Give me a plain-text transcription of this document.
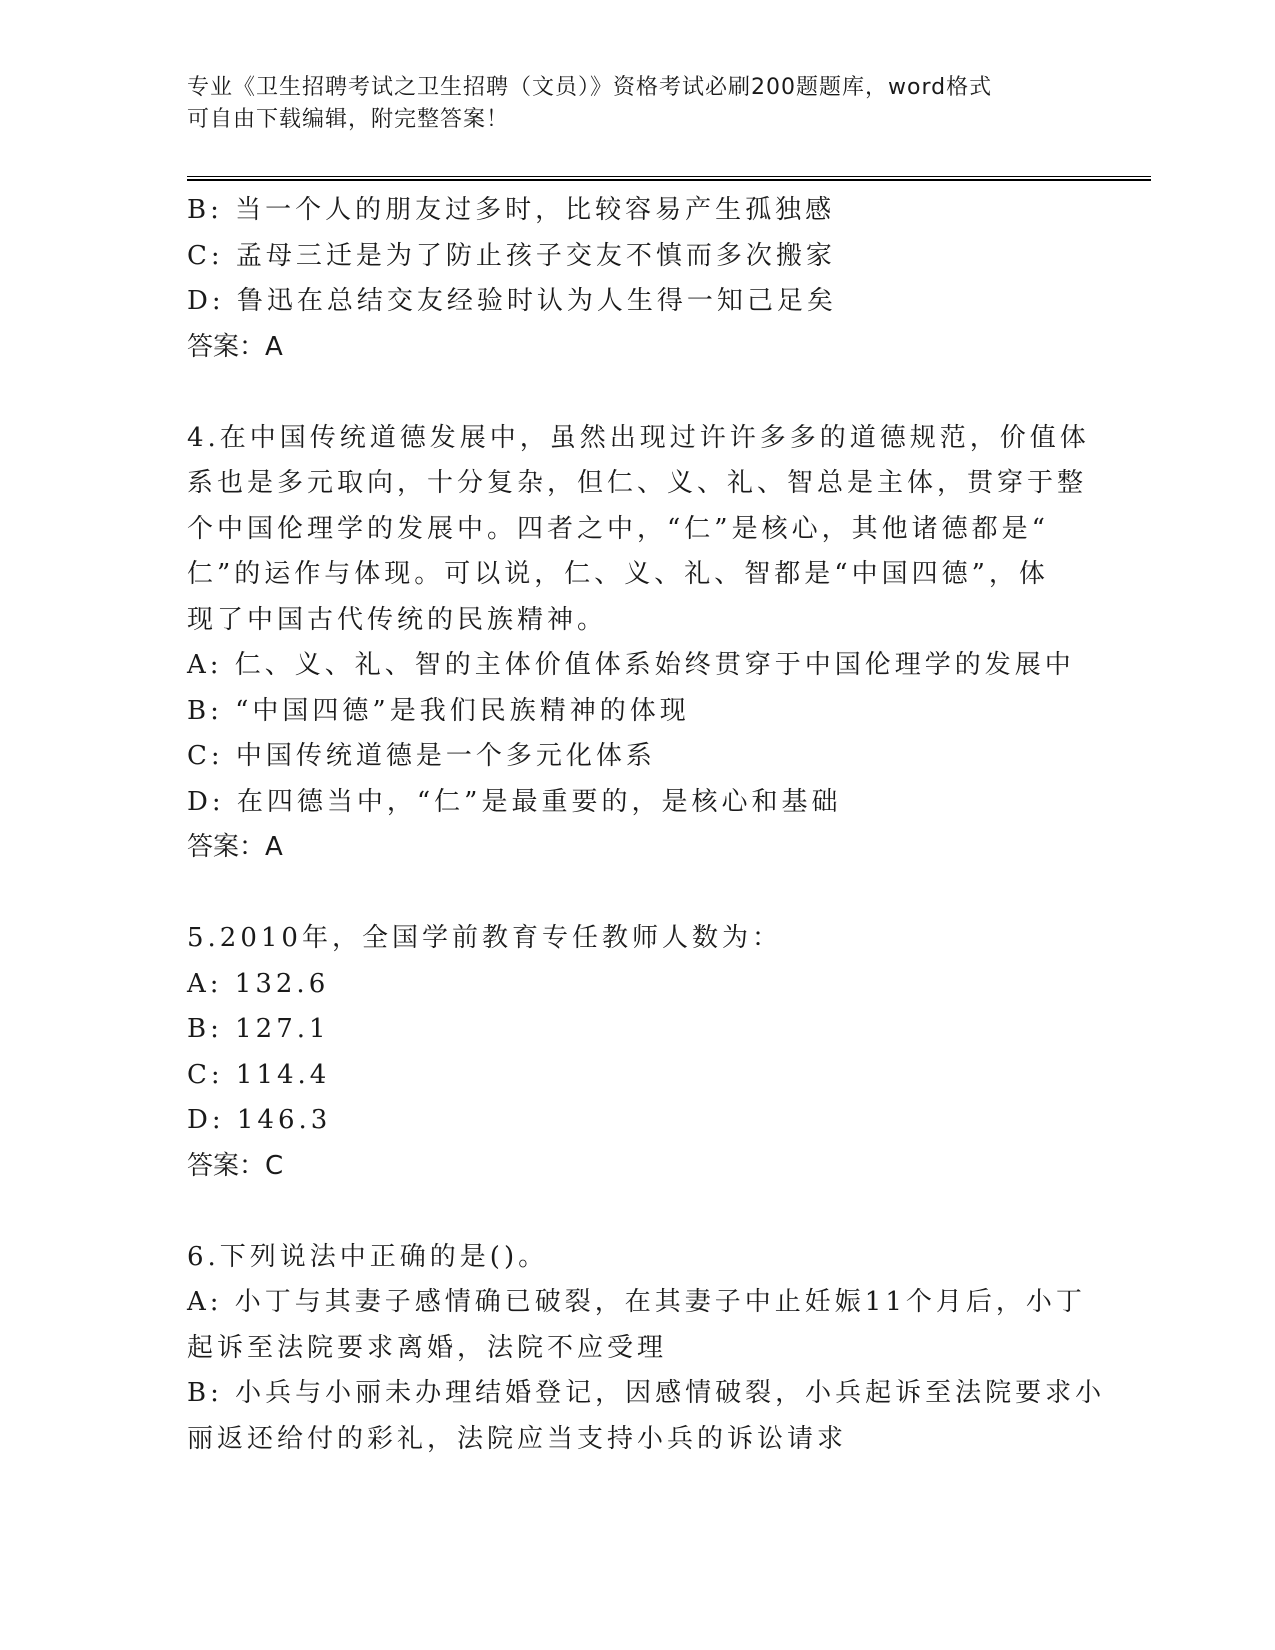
专业《卫生招聘考试之卫生招聘（文员）》资格考试必刷200题题库，word格式
可自由下载编辑，附完整答案！
B: 当一个人的朋友过多时，比较容易产生孤独感
C: 孟母三迁是为了防止孩子交友不慎而多次搬家
D: 鲁迅在总结交友经验时认为人生得一知己足矣
答案：A
4.在中国传统道德发展中，虽然出现过许许多多的道德规范，价值体
系也是多元取向，十分复杂，但仁、义、礼、智总是主体，贯穿于整
个中国伦理学的发展中。四者之中，“仁”是核心，其他诸德都是“
仁”的运作与体现。可以说，仁、义、礼、智都是“中国四德”，体
现了中国古代传统的民族精神。
A: 仁、义、礼、智的主体价值体系始终贯穿于中国伦理学的发展中
B: “中国四德”是我们民族精神的体现
C: 中国传统道德是一个多元化体系
D: 在四德当中，“仁”是最重要的，是核心和基础
答案：A
5.2010年，全国学前教育专任教师人数为：
A: 132.6
B: 127.1
C: 114.4
D: 146.3
答案：C
6.下列说法中正确的是()。
A: 小丁与其妻子感情确已破裂，在其妻子中止妊娠11个月后，小丁
起诉至法院要求离婚，法院不应受理
B: 小兵与小丽未办理结婚登记，因感情破裂，小兵起诉至法院要求小
丽返还给付的彩礼，法院应当支持小兵的诉讼请求
